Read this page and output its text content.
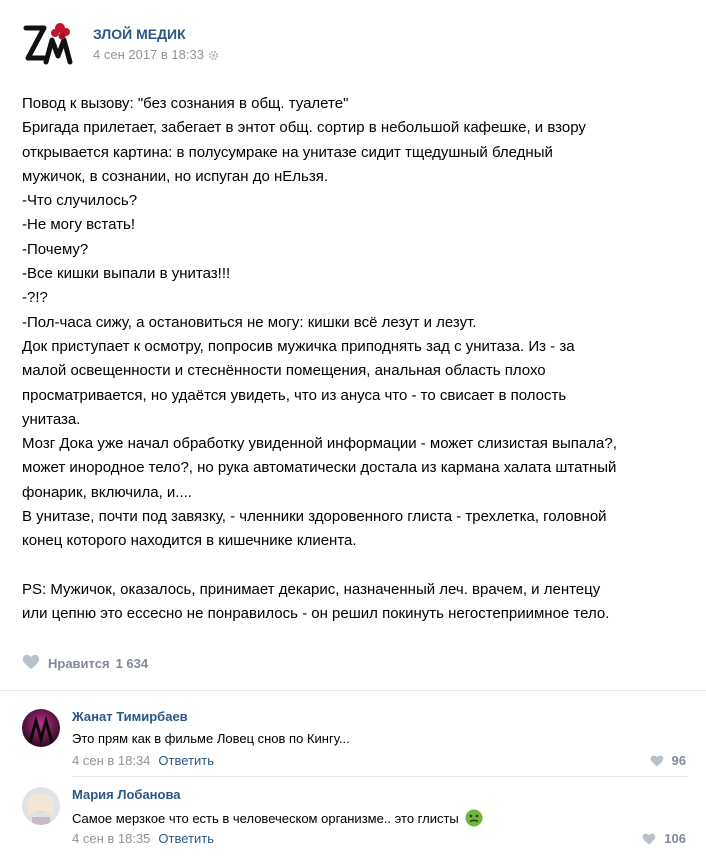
ЗЛОЙ МЕДИК
4 сен 2017 в 18:33

Повод к вызову: "без сознания в общ. туалете"

Бригада прилетает, забегает в энтот общ. сортир в небольшой кафешке, и взору

открывается картина: в полусумраке на унитазе сидит тщедушный бледный

мужичок, в сознании, но испуган до нЕльзя.

-Что случилось?

-Не могу встать!

-Почему?

-Все кишки выпали в унитаз!!!

-?!?

-Пол-часа сижу, а остановиться не могу: кишки всё лезут и лезут.

Док приступает к осмотру, попросив мужичка приподнять зад с унитаза. Из - за

малой освещенности и стеснённости помещения, анальная область плохо

просматривается, но удаётся увидеть, что из ануса что - то свисает в полость

унитаза.

Мозг Дока уже начал обработку увиденной информации - может слизистая выпала?,

может инородное тело?, но рука автоматически достала из кармана халата штатный

фонарик, включила, и....

В унитазе, почти под завязку, - членники здоровенного глиста - трехлетка, головной

конец которого находится в кишечнике клиента.

PS: Мужичок, оказалось, принимает декарис, назначенный леч. врачем, и лентецу

или цепню это ессесно не понравилось - он решил покинуть негостеприимное тело.

Нравится 1 634
Жанат Тимирбаев
Это прям как в фильме Ловец снов по Кингу...
4 сен в 18:34 Ответить	96
Мария Лобанова
Самое мерзкое что есть в человеческом организме.. это глисты
4 сен в 18:35 Ответить	106
